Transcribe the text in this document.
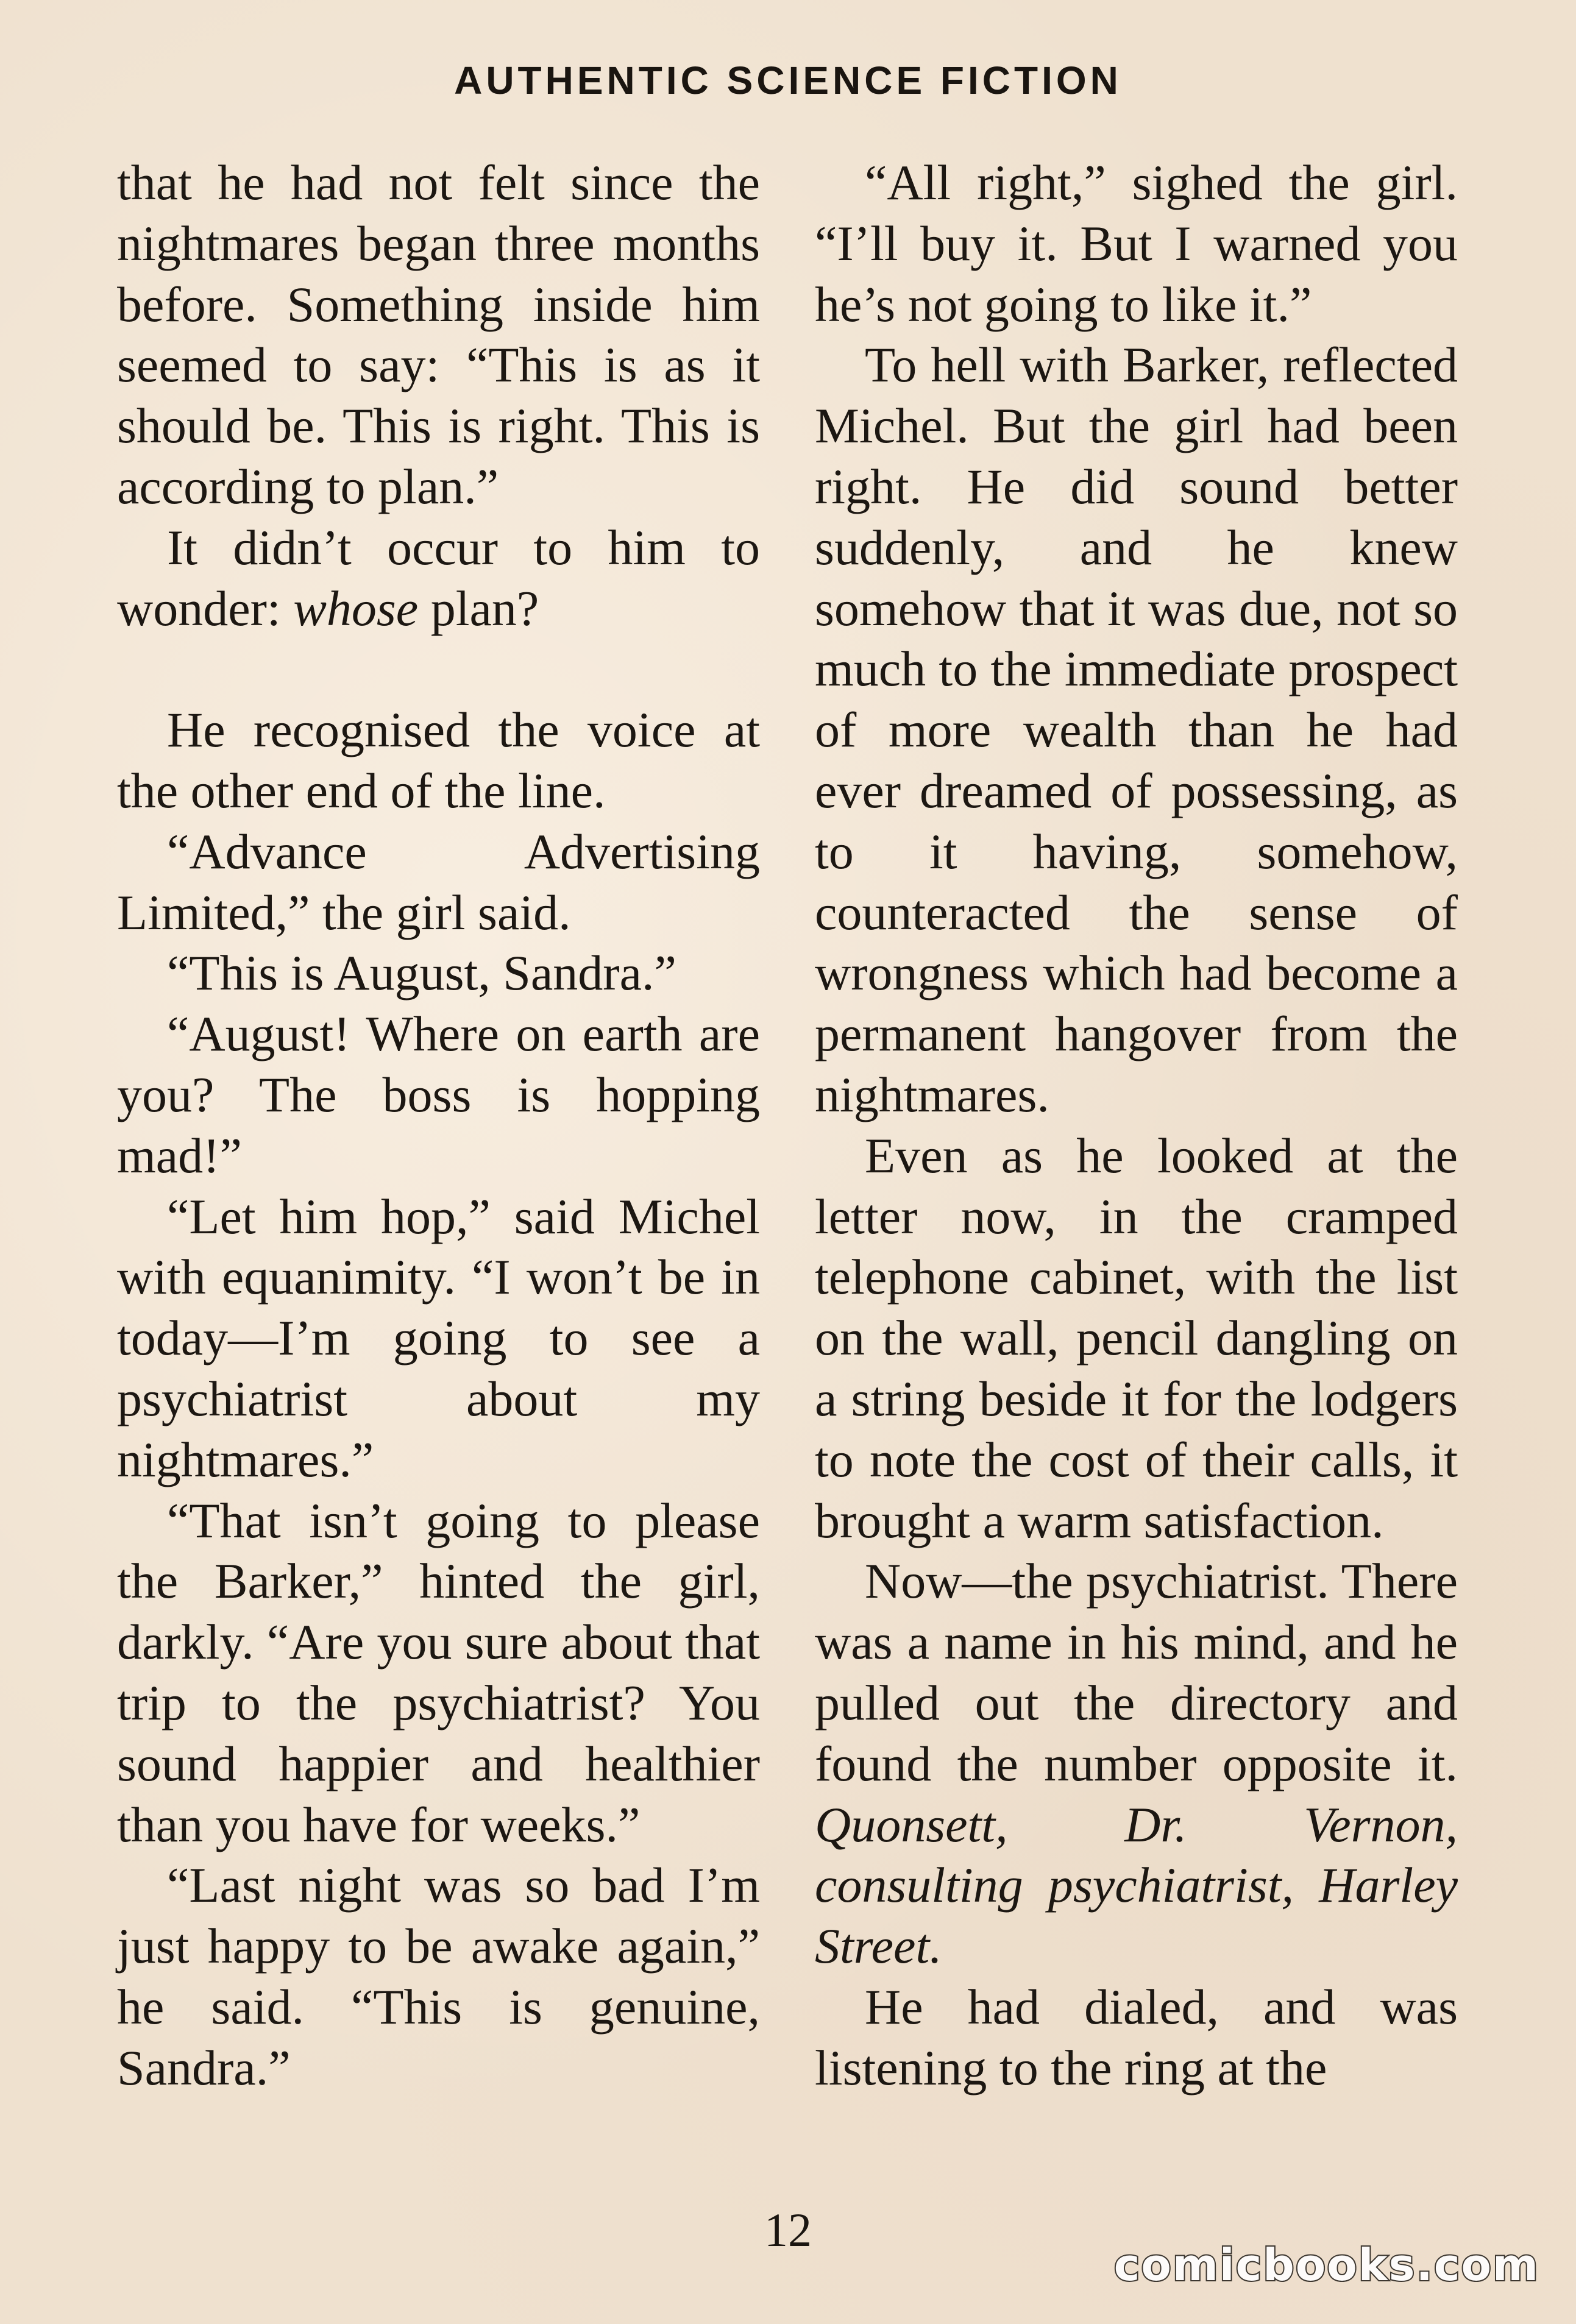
AUTHENTIC SCIENCE FICTION

that he had not felt since the nightmares began three months before. Something inside him seemed to say: “This is as it should be. This is right. This is according to plan.”

It didn’t occur to him to wonder: whose plan?

He recognised the voice at the other end of the line.

“Advance Advertising Limited,” the girl said.

“This is August, Sandra.”

“August! Where on earth are you? The boss is hopping mad!”

“Let him hop,” said Michel with equanimity. “I won’t be in today—I’m going to see a psychiatrist about my nightmares.”

“That isn’t going to please the Barker,” hinted the girl, darkly. “Are you sure about that trip to the psychiatrist? You sound happier and healthier than you have for weeks.”

“Last night was so bad I’m just happy to be awake again,” he said. “This is genuine, Sandra.”

“All right,” sighed the girl. “I’ll buy it. But I warned you he’s not going to like it.”

To hell with Barker, reflected Michel. But the girl had been right. He did sound better suddenly, and he knew somehow that it was due, not so much to the immediate prospect of more wealth than he had ever dreamed of possessing, as to it having, somehow, counteracted the sense of wrongness which had become a permanent hangover from the nightmares.

Even as he looked at the letter now, in the cramped telephone cabinet, with the list on the wall, pencil dangling on a string beside it for the lodgers to note the cost of their calls, it brought a warm satisfaction.

Now—the psychiatrist. There was a name in his mind, and he pulled out the directory and found the number opposite it. Quonsett, Dr. Vernon, consulting psychiatrist, Harley Street.

He had dialed, and was listening to the ring at the

12
comicbooks.com
